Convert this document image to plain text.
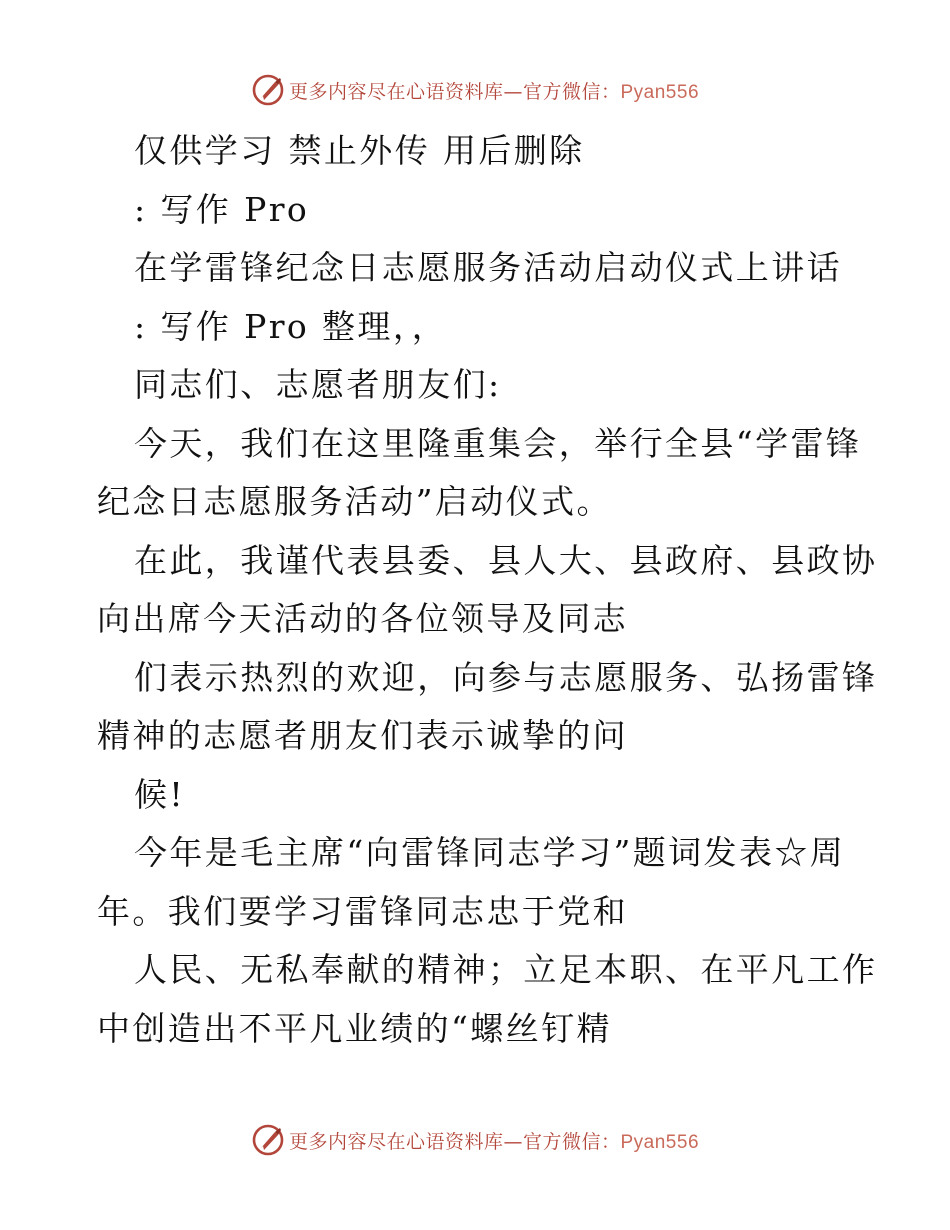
更多内容尽在心语资料库—官方微信：Pyan556
仅供学习 禁止外传 用后删除
: 写作 Pro
在学雷锋纪念日志愿服务活动启动仪式上讲话
: 写作 Pro 整理，，
同志们、志愿者朋友们:
今天，我们在这里隆重集会，举行全县“学雷锋
纪念日志愿服务活动”启动仪式。
在此，我谨代表县委、县人大、县政府、县政协
向出席今天活动的各位领导及同志
们表示热烈的欢迎，向参与志愿服务、弘扬雷锋
精神的志愿者朋友们表示诚挚的问
候!
今年是毛主席“向雷锋同志学习”题词发表☆周
年。我们要学习雷锋同志忠于党和
人民、无私奉献的精神；立足本职、在平凡工作
中创造出不平凡业绩的“螺丝钉精
更多内容尽在心语资料库—官方微信：Pyan556
